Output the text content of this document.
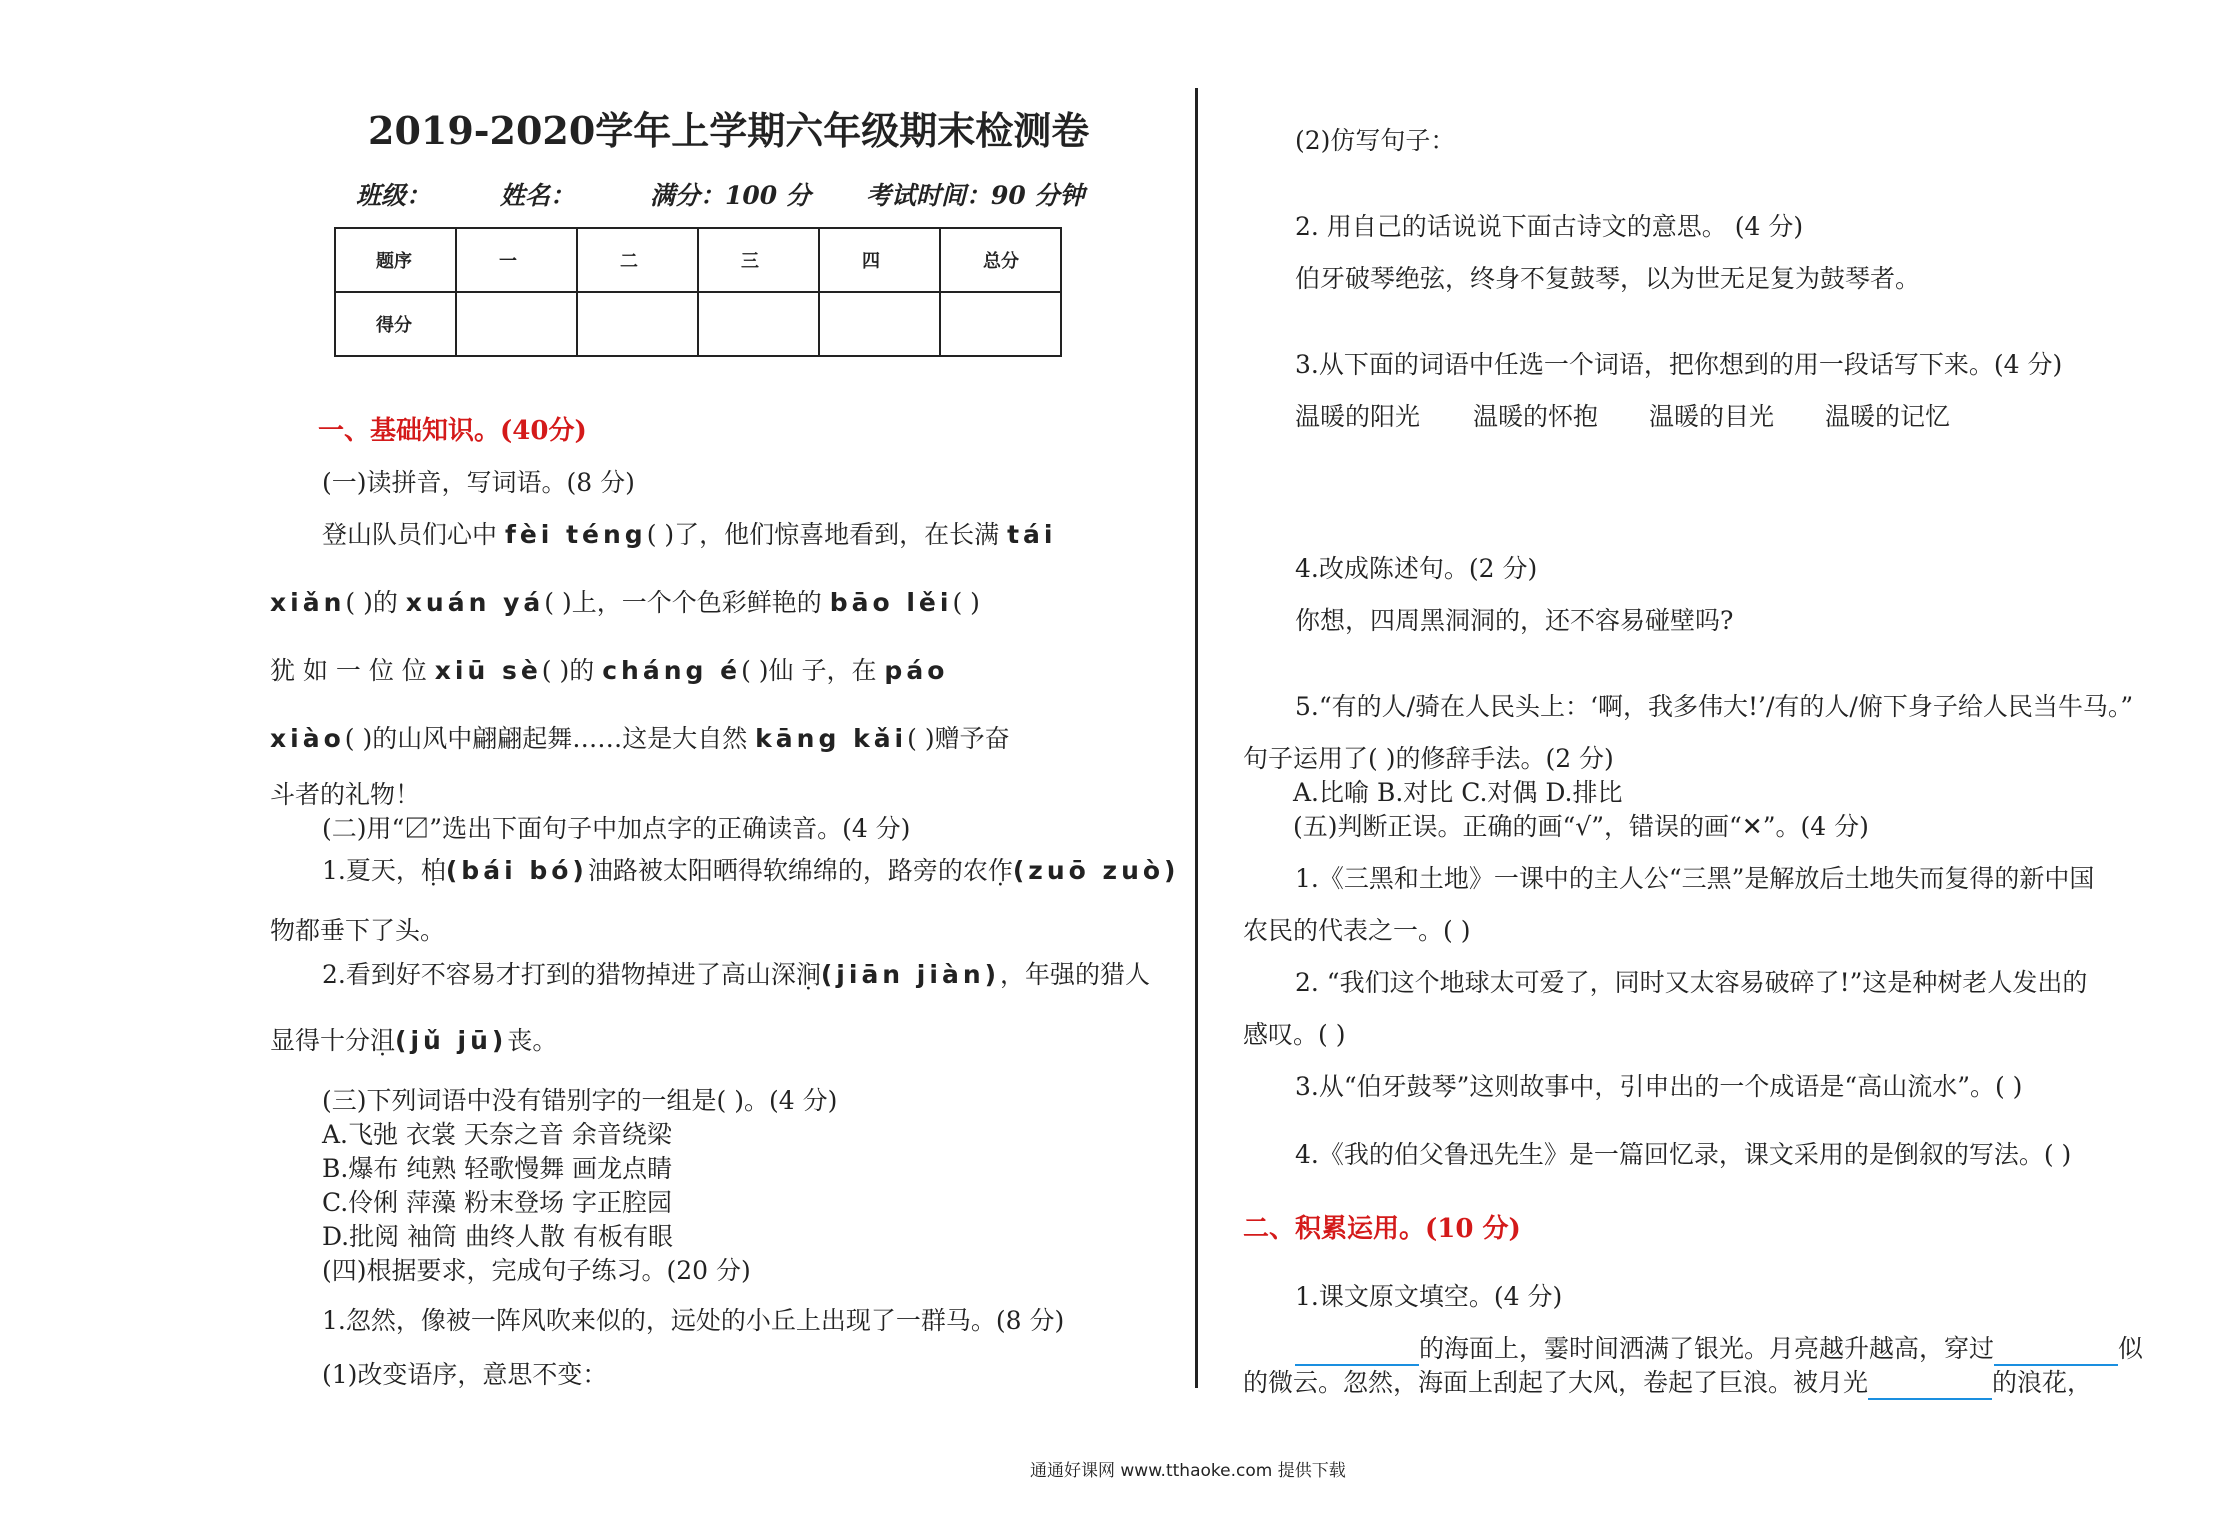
2019-2020学年上学期六年级期末检测卷
班级：	姓名：	满分：100 分 考试时间：90 分钟
题序	一	二	三	四	总分
得分					
一、基础知识。(40分)
(一)读拼音，写词语。(8 分)
登山队员们心中 fèi téng( )了，他们惊喜地看到，在长满 tái
xiǎn( )的 xuán yá( )上，一个个色彩鲜艳的 bāo lěi( )
犹 如 一 位 位 xiū sè( )的 cháng é( )仙 子，在 páo
xiào( )的山风中翩翩起舞……这是大自然 kāng kǎi( )赠予奋
斗者的礼物！
(二)用“〼”选出下面句子中加点字的正确读音。(4 分)
1.夏天，柏(bái bó)油路被太阳晒得软绵绵的，路旁的农作(zuō zuò)
物都垂下了头。
2.看到好不容易才打到的猎物掉进了高山深涧(jiān jiàn)，年强的猎人
显得十分沮(jǔ jū)丧。
(三)下列词语中没有错别字的一组是( )。(4 分)
A.飞弛 衣裳 天奈之音 余音绕梁
B.爆布 纯熟 轻歌慢舞 画龙点睛
C.伶俐 萍藻 粉末登场 字正腔园
D.批阅 袖筒 曲终人散 有板有眼
(四)根据要求，完成句子练习。(20 分)
1.忽然，像被一阵风吹来似的，远处的小丘上出现了一群马。(8 分)
(1)改变语序，意思不变：
(2)仿写句子：
2. 用自己的话说说下面古诗文的意思。 (4 分)
伯牙破琴绝弦，终身不复鼓琴，以为世无足复为鼓琴者。
3.从下面的词语中任选一个词语，把你想到的用一段话写下来。(4 分)
温暖的阳光 温暖的怀抱 温暖的目光 温暖的记忆
4.改成陈述句。(2 分)
你想，四周黑洞洞的，还不容易碰壁吗?
5.“有的人/骑在人民头上：‘啊，我多伟大!’/有的人/俯下身子给人民当牛马。”
句子运用了( )的修辞手法。(2 分)
A.比喻 B.对比 C.对偶 D.排比
(五)判断正误。正确的画“√”，错误的画“✕”。(4 分)
1.《三黑和土地》一课中的主人公“三黑”是解放后土地失而复得的新中国
农民的代表之一。( )
2. “我们这个地球太可爱了，同时又太容易破碎了!”这是种树老人发出的
感叹。( )
3.从“伯牙鼓琴”这则故事中，引申出的一个成语是“高山流水”。( )
4.《我的伯父鲁迅先生》是一篇回忆录，课文采用的是倒叙的写法。( )
二、积累运用。(10 分)
1.课文原文填空。(4 分)
的海面上，霎时间洒满了银光。月亮越升越高，穿过	似
的微云。忽然，海面上刮起了大风，卷起了巨浪。被月光	的浪花，
通通好课网 www.tthaoke.com 提供下载
